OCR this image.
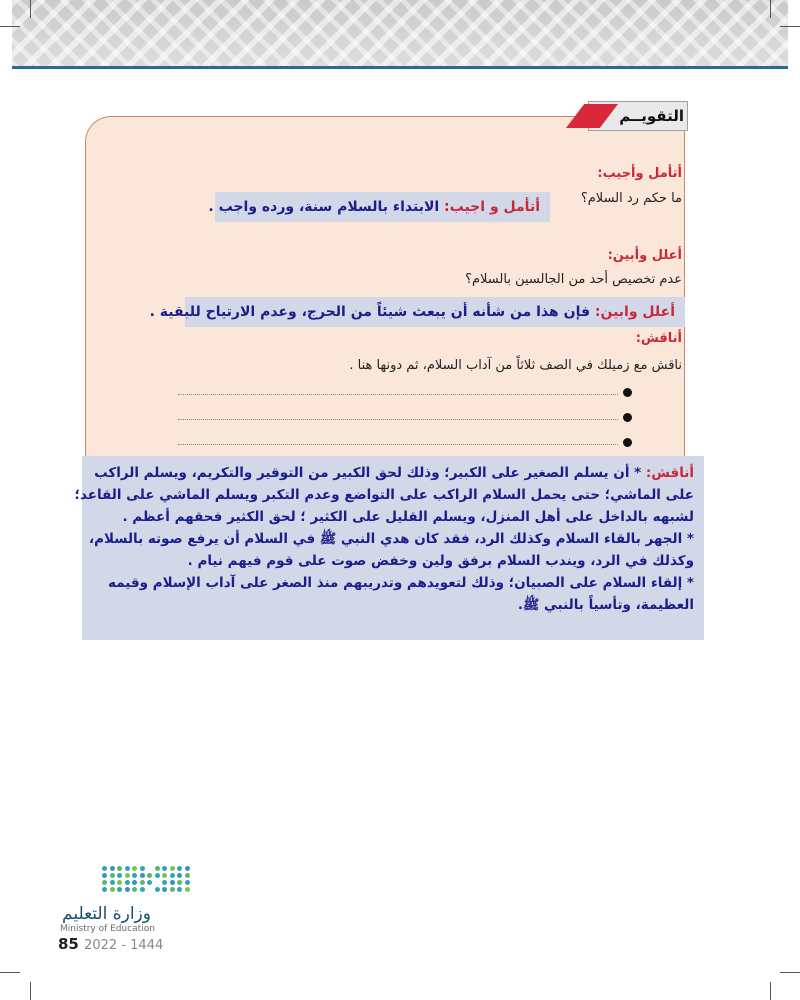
التقويــم
أتأمل وأجيب:
ما حكم رد السلام؟
أتأمل و اجيب: الابتداء بالسلام سنة، ورده واجب .
أعلل وأبين:
عدم تخصيص أحد من الجالسين بالسلام؟
أعلل وابين: فإن هذا من شأنه أن يبعث شيئاً من الحرج، وعدم الارتياح للبقية .
أناقش:
ناقش مع زميلك في الصف ثلاثاً من آداب السلام، ثم دونها هنا .

أناقش: * أن يسلم الصغير على الكبير؛ وذلك لحق الكبير من التوقير والتكريم، ويسلم الراكب

على الماشي؛ حتى يحمل السلام الراكب على التواضع وعدم التكبر ويسلم الماشي على القاعد؛

لشبهه بالداخل على أهل المنزل، ويسلم القليل على الكثير ؛ لحق الكثير فحقهم أعظم .

* الجهر بالقاء السلام وكذلك الرد، فقد كان هدي النبي ﷺ في السلام أن يرفع صوته بالسلام،

وكذلك في الرد، ويندب السلام برفق ولين وخفض صوت على قوم فيهم نيام .

* إلقاء السلام على الصبيان؛ وذلك لتعويدهم وتدريبهم منذ الصغر على آداب الإسلام وقيمه

العظيمة، وتأسياً بالنبي ﷺ.

وزارة التعليم
Ministry of Education
85 2022 - 1444
